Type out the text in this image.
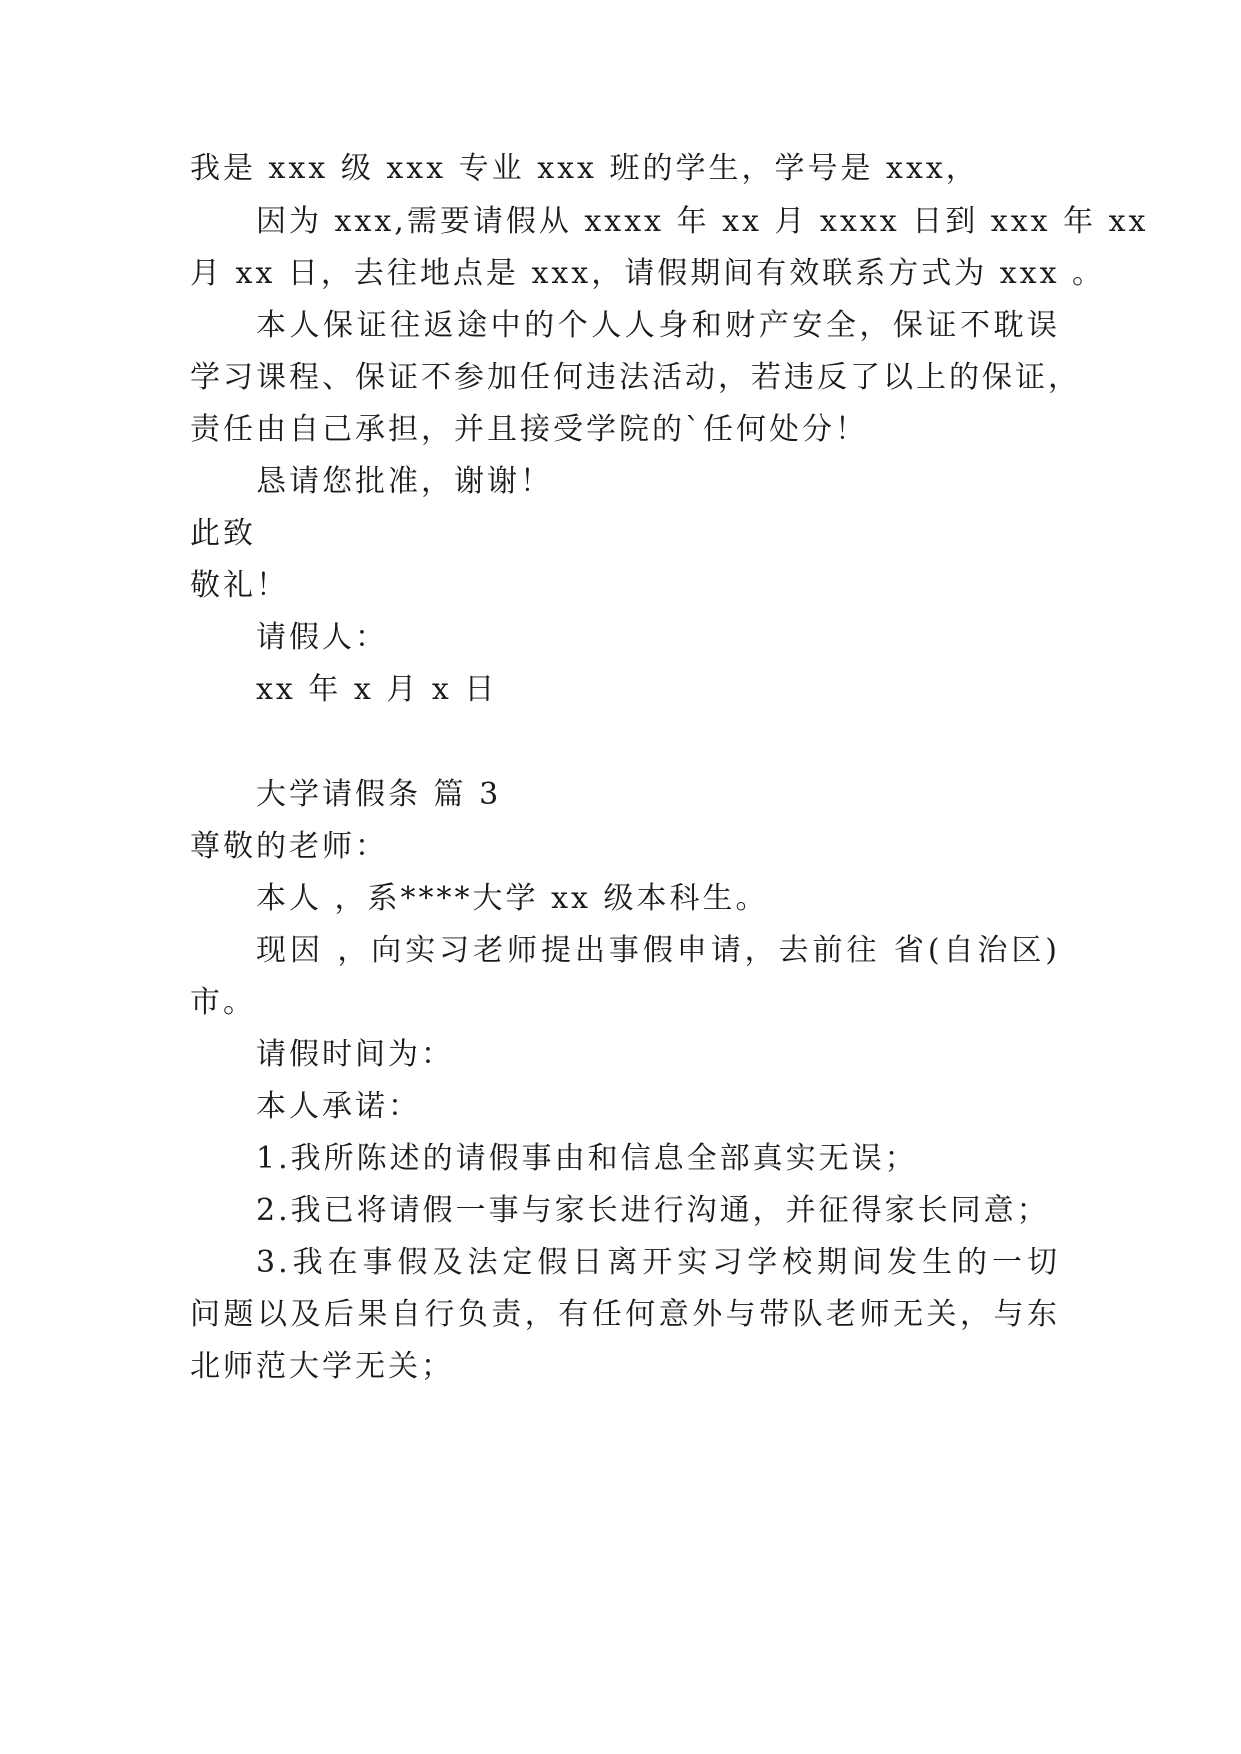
我是 xxx 级 xxx 专业 xxx 班的学生，学号是 xxx，
因为 xxx,需要请假从 xxxx 年 xx 月 xxxx 日到 xxx 年 xx
月 xx 日，去往地点是 xxx，请假期间有效联系方式为 xxx 。
本人保证往返途中的个人人身和财产安全，保证不耽误
学习课程、保证不参加任何违法活动，若违反了以上的保证，
责任由自己承担，并且接受学院的`任何处分！
恳请您批准，谢谢！
此致
敬礼！
请假人：
xx 年 x 月 x 日
大学请假条 篇 3
尊敬的老师：
本人 ，系****大学 xx 级本科生。
现因 ，向实习老师提出事假申请，去前往 省(自治区)
市。
请假时间为：
本人承诺：
1.我所陈述的请假事由和信息全部真实无误；
2.我已将请假一事与家长进行沟通，并征得家长同意；
3.我在事假及法定假日离开实习学校期间发生的一切
问题以及后果自行负责，有任何意外与带队老师无关，与东
北师范大学无关；
